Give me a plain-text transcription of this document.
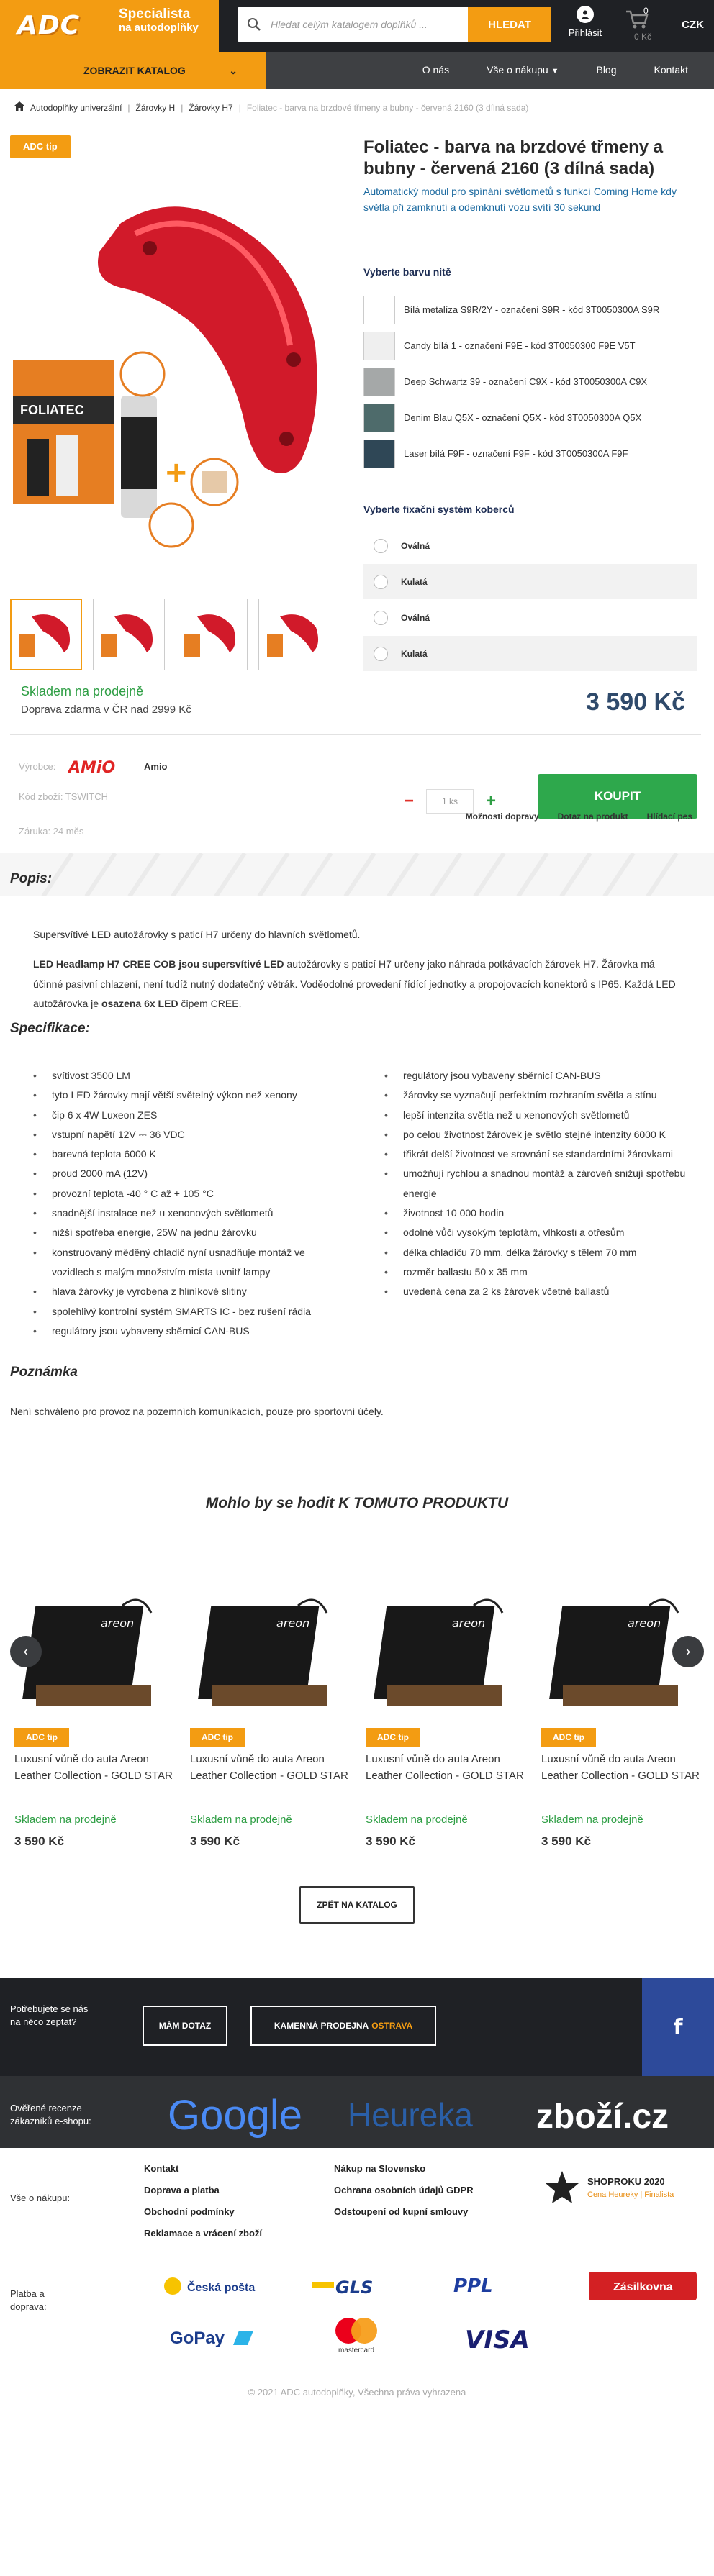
ADC	Specialista
na autodoplňky
Hledat celým katalogem doplňků ...	HLEDAT
Přihlásit
0
0 Kč
CZK
ZOBRAZIT KATALOG	⌄	O nás	Vše o nákupu ▼	Blog	Kontakt
Autodoplňky univerzální | Žárovky H | Žárovky H7 | Foliatec - barva na brzdové třmeny a bubny - červená 2160 (3 dílná sada)
ADC tip
FOLIATEC
+
Foliatec - barva na brzdové třmeny a bubny - červená 2160 (3 dílná sada)

Automatický modul pro spínání světlometů s funkcí Coming Home kdy světla při zamknutí a odemknutí vozu svítí 30 sekund

Vyberte barvu nitě
Bílá metalíza S9R/2Y - označení S9R - kód 3T0050300A S9R
Candy bílá 1 - označení F9E - kód 3T0050300 F9E V5T
Deep Schwartz 39 - označení C9X - kód 3T0050300A C9X
Denim Blau Q5X - označení Q5X - kód 3T0050300A Q5X
Laser bílá F9F - označení F9F - kód 3T0050300A F9F
Vyberte fixační systém koberců
Oválná
Kulatá
Oválná
Kulatá
Skladem na prodejně
Doprava zdarma v ČR nad 2999 Kč	3 590 Kč
Výrobce: AMiO	Amio
Kód zboží: TSWITCH
Záruka: 24 měs
−
1 ks	+	KOUPIT
Možnosti dopravy Dotaz na produkt Hlídací pes
Popis:

Supersvítivé LED autožárovky s paticí H7 určeny do hlavních světlometů.

LED Headlamp H7 CREE COB jsou supersvítivé LED autožárovky s paticí H7 určeny jako náhrada potkávacích žárovek H7. Žárovka má účinné pasivní chlazení, není tudíž nutný dodatečný větrák. Voděodolné provedení řídící jednotky a propojovacích konektorů s IP65. Každá LED autožárovka je osazena 6x LED čipem CREE.

Specifikace:
• svítivost 3500 LM
• tyto LED žárovky mají větší světelný výkon než xenony
• čip 6 x 4W Luxeon ZES
• vstupní napětí 12V ⎓ 36 VDC
• barevná teplota 6000 K
• proud 2000 mA (12V)
• provozní teplota -40 ° C až + 105 °C
• snadnější instalace než u xenonových světlometů
• nižší spotřeba energie, 25W na jednu žárovku
• konstruovaný měděný chladič nyní usnadňuje montáž ve vozidlech s malým množstvím místa uvnitř lampy
• hlava žárovky je vyrobena z hliníkové slitiny
• spolehlivý kontrolní systém SMARTS IC - bez rušení rádia
• regulátory jsou vybaveny sběrnicí CAN-BUS
• regulátory jsou vybaveny sběrnicí CAN-BUS
• žárovky se vyznačují perfektním rozhraním světla a stínu
• lepší intenzita světla než u xenonových světlometů
• po celou životnost žárovek je světlo stejné intenzity 6000 K
• třikrát delší životnost ve srovnání se standardními žárovkami
• umožňují rychlou a snadnou montáž a zároveň snižují spotřebu energie
• životnost 10 000 hodin
• odolné vůči vysokým teplotám, vlhkosti a otřesům
• délka chladiču 70 mm, délka žárovky s tělem 70 mm
• rozměr ballastu 50 x 35 mm
• uvedená cena za 2 ks žárovek včetně ballastů
Poznámka

Není schváleno pro provoz na pozemních komunikacích, pouze pro sportovní účely.

Mohlo by se hodit K TOMUTO PRODUKTU
areon
ADC tip
Luxusní vůně do auta Areon Leather Collection - GOLD STAR
Skladem na prodejně
3 590 Kč
areon
ADC tip
Luxusní vůně do auta Areon Leather Collection - GOLD STAR
Skladem na prodejně
3 590 Kč
areon
ADC tip
Luxusní vůně do auta Areon Leather Collection - GOLD STAR
Skladem na prodejně
3 590 Kč
areon
ADC tip
Luxusní vůně do auta Areon Leather Collection - GOLD STAR
Skladem na prodejně
3 590 Kč
‹	›
ZPĚT NA KATALOG
Potřebujete se nás na něco zeptat?	MÁM DOTAZ	KAMENNÁ PRODEJNA OSTRAVA	f
Ověřené recenze zákazníků e-shopu:	Google Heureka zboží.cz
Vše o nákupu:
Kontakt
Doprava a platba
Obchodní podmínky
Reklamace a vrácení zboží
Nákup na Slovensko
Ochrana osobních údajů GDPR
Odstoupení od kupní smlouvy
SHOPROKU 2020
Cena Heureky | Finalista
Platba a doprava:
Česká pošta	GLS	PPL	Zásilkovna
GoPay
mastercard	VISA
© 2021 ADC autodoplňky, Všechna práva vyhrazena
